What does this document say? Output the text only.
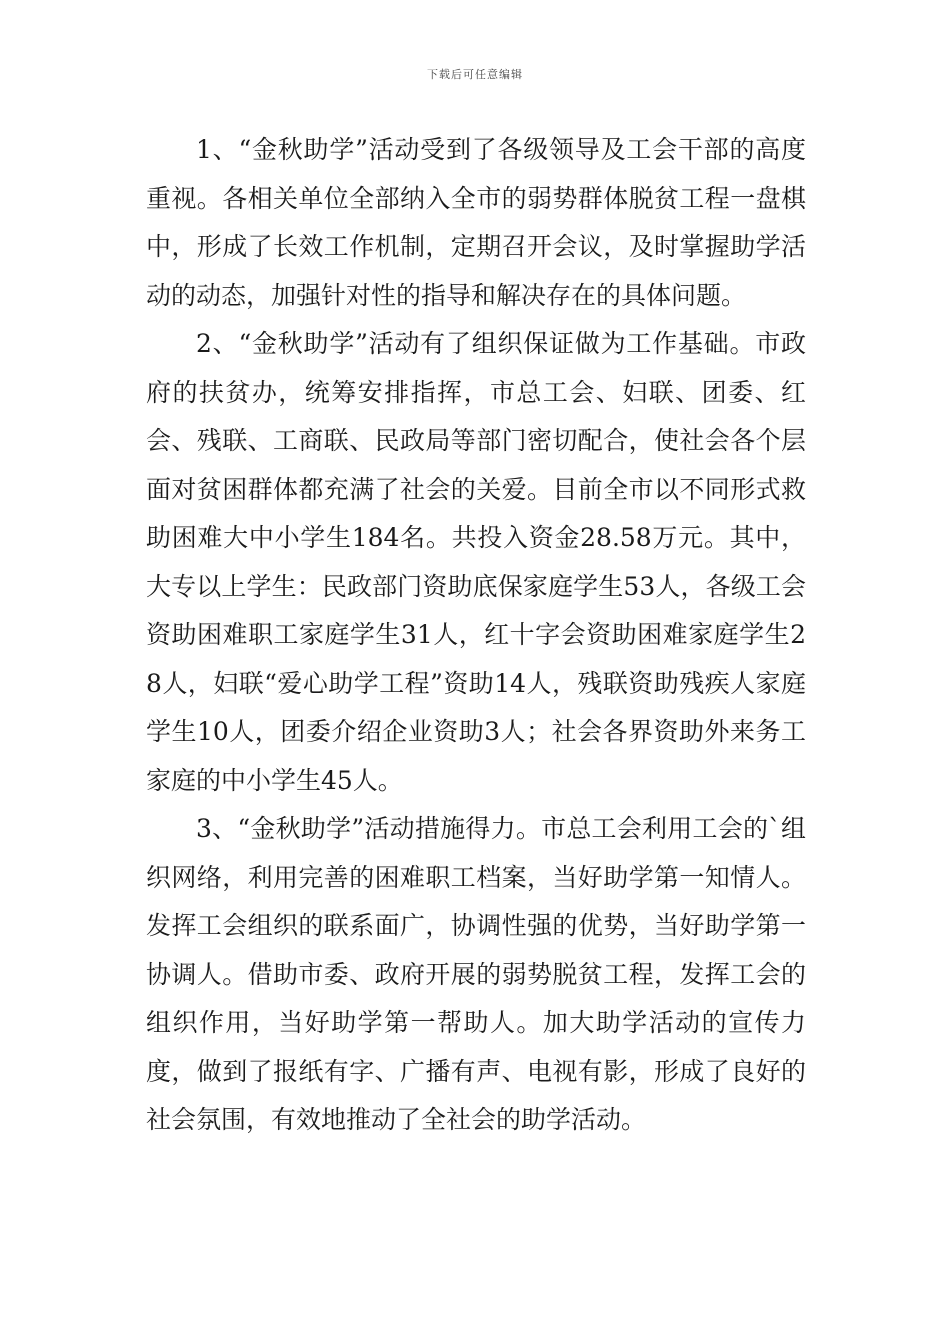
下载后可任意编辑

1、“金秋助学”活动受到了各级领导及工会干部的高度重视。各相关单位全部纳入全市的弱势群体脱贫工程一盘棋中，形成了长效工作机制，定期召开会议，及时掌握助学活动的动态，加强针对性的指导和解决存在的具体问题。

2、“金秋助学”活动有了组织保证做为工作基础。市政府的扶贫办，统筹安排指挥，市总工会、妇联、团委、红会、残联、工商联、民政局等部门密切配合，使社会各个层面对贫困群体都充满了社会的关爱。目前全市以不同形式救助困难大中小学生184名。共投入资金28.58万元。其中，大专以上学生：民政部门资助底保家庭学生53人，各级工会资助困难职工家庭学生31人，红十字会资助困难家庭学生28人，妇联“爱心助学工程”资助14人，残联资助残疾人家庭学生10人，团委介绍企业资助3人；社会各界资助外来务工家庭的中小学生45人。

3、“金秋助学”活动措施得力。市总工会利用工会的`组织网络，利用完善的困难职工档案，当好助学第一知情人。发挥工会组织的联系面广，协调性强的优势，当好助学第一协调人。借助市委、政府开展的弱势脱贫工程，发挥工会的组织作用，当好助学第一帮助人。加大助学活动的宣传力度，做到了报纸有字、广播有声、电视有影，形成了良好的社会氛围，有效地推动了全社会的助学活动。
